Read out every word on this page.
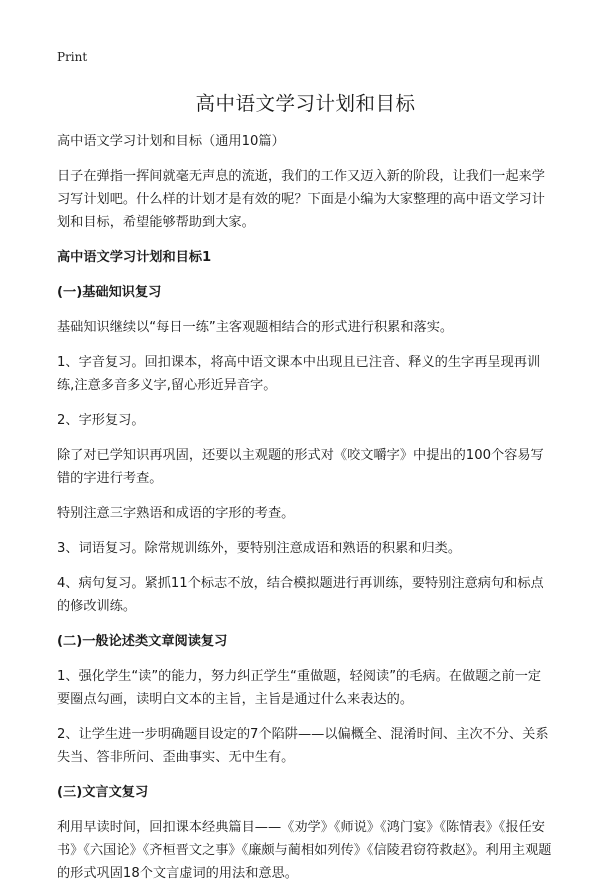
Print
高中语文学习计划和目标

高中语文学习计划和目标（通用10篇）

日子在弹指一挥间就毫无声息的流逝，我们的工作又迈入新的阶段，让我们一起来学习写计划吧。什么样的计划才是有效的呢？下面是小编为大家整理的高中语文学习计划和目标，希望能够帮助到大家。

高中语文学习计划和目标1

(一)基础知识复习

基础知识继续以“每日一练”主客观题相结合的形式进行积累和落实。

1、字音复习。回扣课本，将高中语文课本中出现且已注音、释义的生字再呈现再训练,注意多音多义字,留心形近异音字。

2、字形复习。

除了对已学知识再巩固，还要以主观题的形式对《咬文嚼字》中提出的100个容易写错的字进行考查。

特别注意三字熟语和成语的字形的考查。

3、词语复习。除常规训练外，要特别注意成语和熟语的积累和归类。

4、病句复习。紧抓11个标志不放，结合模拟题进行再训练，要特别注意病句和标点的修改训练。

(二)一般论述类文章阅读复习

1、强化学生“读”的能力，努力纠正学生“重做题，轻阅读”的毛病。在做题之前一定要圈点勾画，读明白文本的主旨，主旨是通过什么来表达的。

2、让学生进一步明确题目设定的7个陷阱——以偏概全、混淆时间、主次不分、关系失当、答非所问、歪曲事实、无中生有。

(三)文言文复习

利用早读时间，回扣课本经典篇目——《劝学》《师说》《鸿门宴》《陈情表》《报任安书》《六国论》《齐桓晋文之事》《廉颇与蔺相如列传》《信陵君窃符救赵》。利用主观题的形式巩固18个文言虚词的用法和意思。
